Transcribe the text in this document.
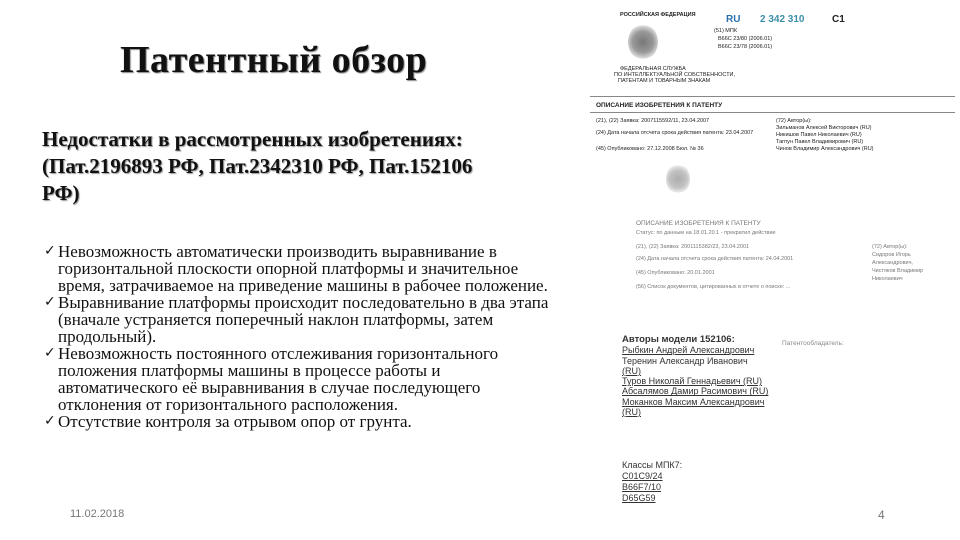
Патентный обзор
Недостатки в рассмотренных изобретениях:
(Пат.2196893 РФ, Пат.2342310 РФ, Пат.152106
РФ)
РОССИЙСКАЯ ФЕДЕРАЦИЯ
ФЕДЕРАЛЬНАЯ СЛУЖБА
ПО ИНТЕЛЛЕКТУАЛЬНОЙ СОБСТВЕННОСТИ,
ПАТЕНТАМ И ТОВАРНЫМ ЗНАКАМ
RU 2 342 310	C1
(51) МПК
B66C 23/80 (2006.01)
B66C 23/78 (2006.01)
ОПИСАНИЕ ИЗОБРЕТЕНИЯ К ПАТЕНТУ
(21), (22) Заявка: 2007115592/11, 23.04.2007
(24) Дата начала отсчета срока действия патента: 23.04.2007
(45) Опубликовано: 27.12.2008 Бюл. № 36
(72) Автор(ы):
Зильманов Алексей Викторович (RU)
Никишов Павел Николаевич (RU)
Тагпун Павел Владимирович (RU)
Чинов Владимир Александрович (RU)
ОПИСАНИЕ ИЗОБРЕТЕНИЯ К ПАТЕНТУ
Статус: по данным на 18.01.20.1 - прекратил действие
(21), (22) Заявка: 2001115382/23, 23.04.2001
(24) Дата начала отсчета срока действия патента: 24.04.2001
(45) Опубликовано: 20.01.2001
(56) Список документов, цитированных в отчете о поиске: ...
(72) Автор(ы):
Сидоров Игорь
Александрович,
Чистяков Владимир
Николаевич
Авторы модели 152106:
Рыбкин Андрей Александрович
Теренин Александр Иванович
(RU)
Туров Николай Геннадьевич (RU)
Абсалямов Дамир Расимович (RU)
Моканков Максим Александрович
(RU)
Патентообладатель:
Классы МПК7:
C01C9/24
B66F7/10
D65G59
✓ Невозможность автоматически производить выравнивание в
горизонтальной плоскости опорной платформы и значительное
время, затрачиваемое на приведение машины в рабочее положение.
✓ Выравнивание платформы происходит последовательно в два этапа
(вначале устраняется поперечный наклон платформы, затем
продольный).
✓ Невозможность постоянного отслеживания горизонтального
положения платформы машины в процессе работы и
автоматического её выравнивания в случае последующего
отклонения от горизонтального расположения.
✓ Отсутствие контроля за отрывом опор от грунта.
11.02.2018	4
